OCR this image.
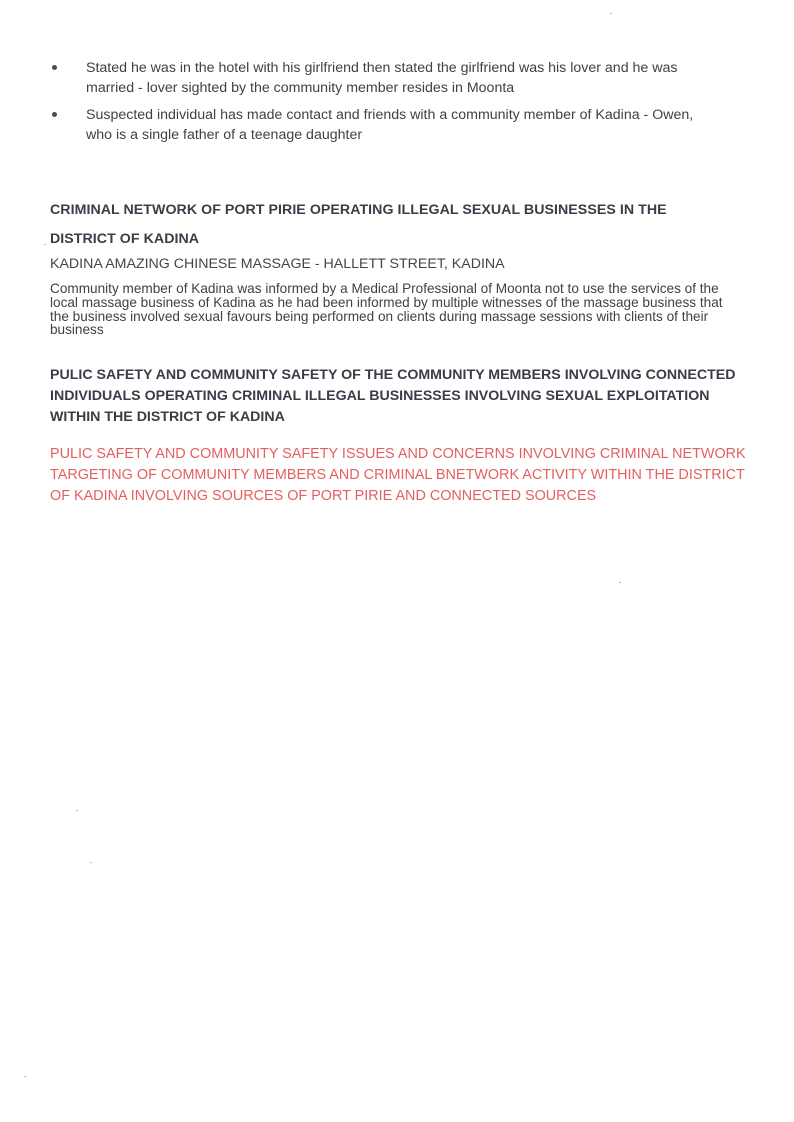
Stated he was in the hotel with his girlfriend then stated the girlfriend was his lover and he was married - lover sighted by the community member resides in Moonta
Suspected individual has made contact and friends with a community member of Kadina - Owen, who is a single father of a teenage daughter
CRIMINAL NETWORK OF PORT PIRIE OPERATING ILLEGAL SEXUAL BUSINESSES IN THE
DISTRICT OF KADINA
KADINA AMAZING CHINESE MASSAGE - HALLETT STREET, KADINA
Community member of Kadina was informed by a Medical Professional of Moonta not to use the services of the local massage business of Kadina as he had been informed by multiple witnesses of the massage business that the business involved sexual favours being performed on clients during massage sessions with clients of their business
PULIC SAFETY AND COMMUNITY SAFETY OF THE COMMUNITY MEMBERS INVOLVING CONNECTED INDIVIDUALS OPERATING CRIMINAL ILLEGAL BUSINESSES INVOLVING SEXUAL EXPLOITATION WITHIN THE DISTRICT OF KADINA
PULIC SAFETY AND COMMUNITY SAFETY ISSUES AND CONCERNS INVOLVING CRIMINAL NETWORK TARGETING OF COMMUNITY MEMBERS AND CRIMINAL BNETWORK ACTIVITY WITHIN THE DISTRICT OF KADINA INVOLVING SOURCES OF PORT PIRIE AND CONNECTED SOURCES
